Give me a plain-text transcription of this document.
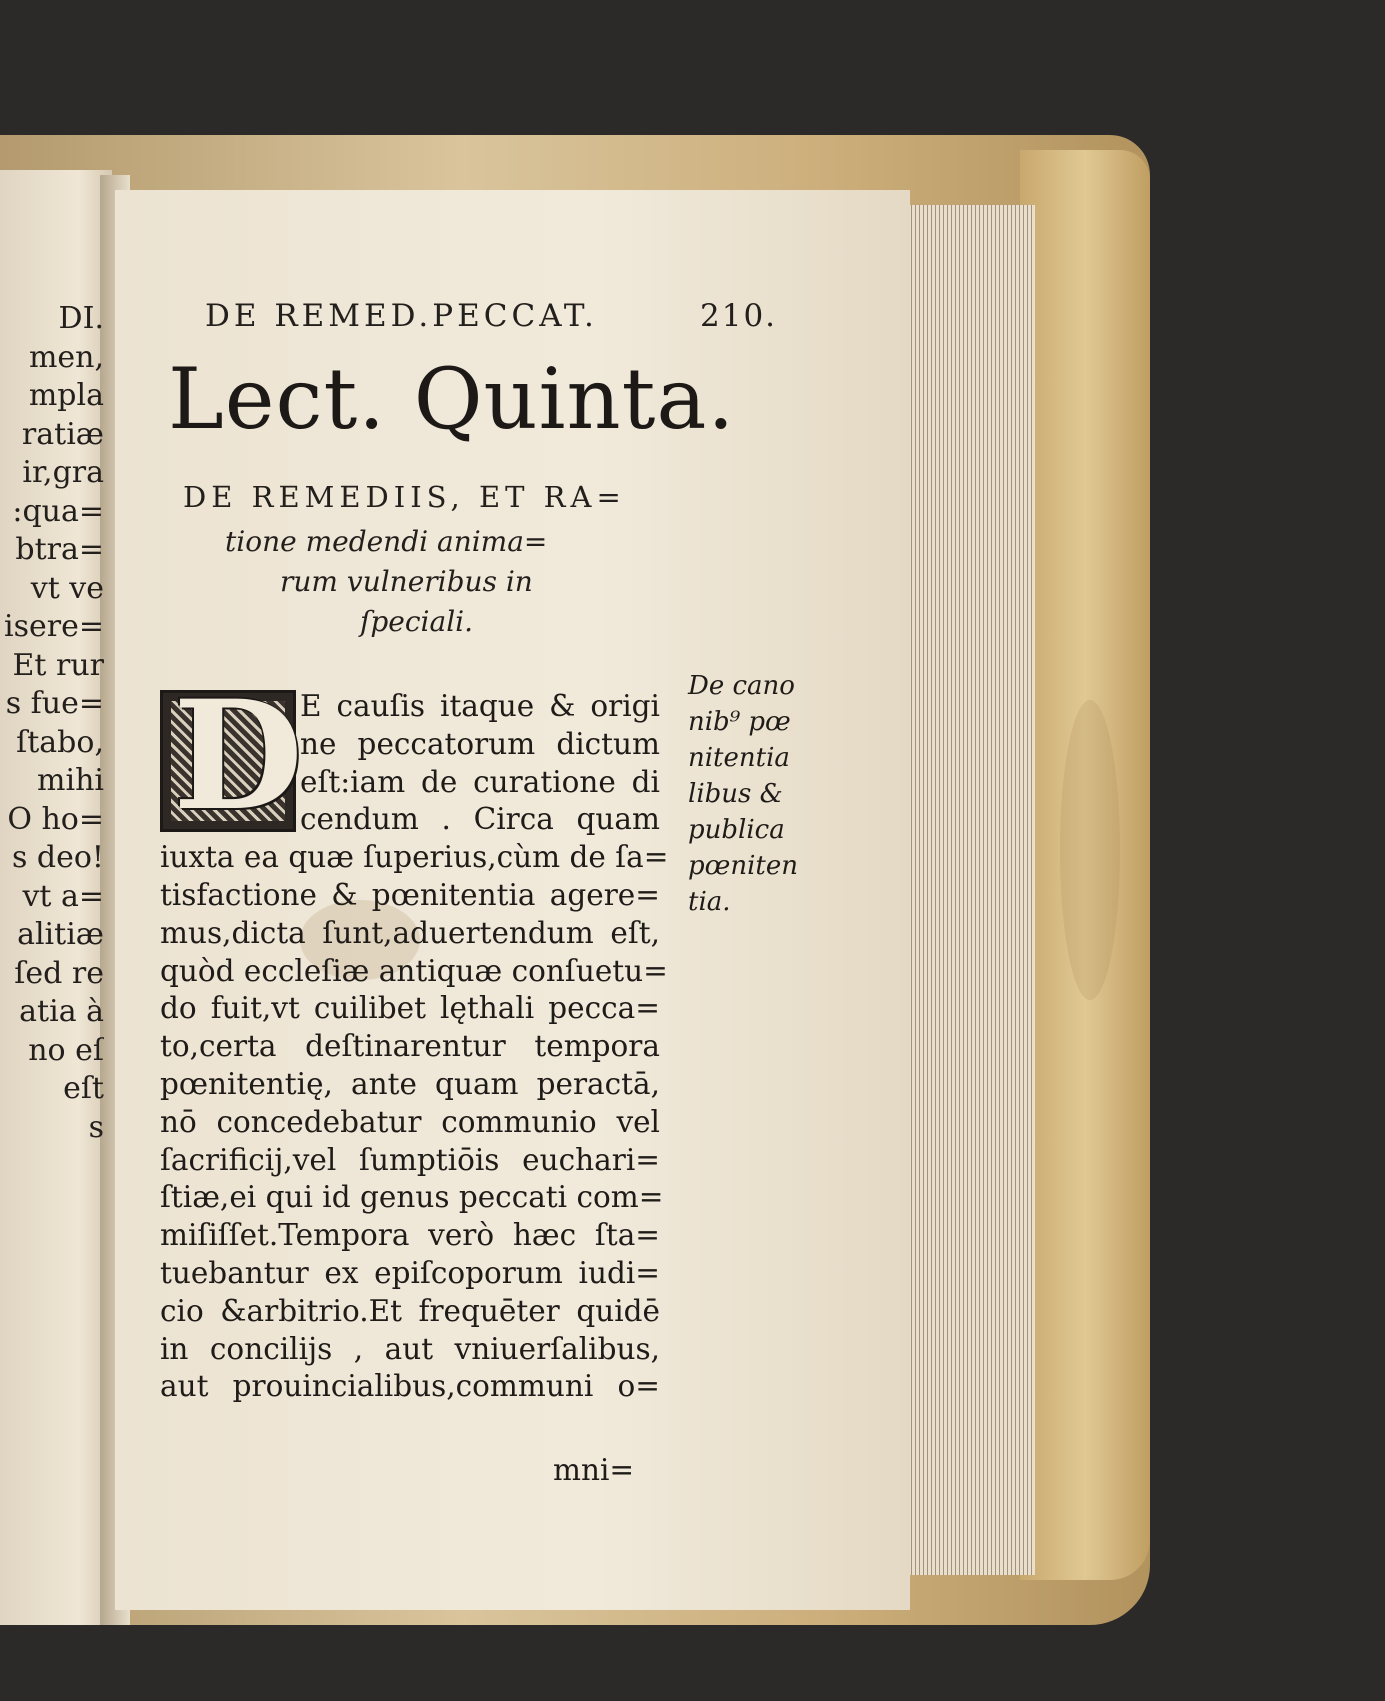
DI.
men,
mpla
ratiæ
ir,gra
:qua=
btra=
vt ve
isere=
Et rur
s fue=
ſtabo,
mihi
O ho=
s deo!
vt a=
alitiæ
ſed re
atia à
no eſ
eſt
s
DE REMED.PECCAT.	210.
Lect. Quinta.
DE REMEDIIS, ET RA=
tione medendi anima=
rum vulneribus in
ſpeciali.
D
E cauſis itaque & origi
ne peccatorum dictum
eſt:iam de curatione di
cendum . Circa quam
iuxta ea quæ ſuperius,cùm de ſa=
tisfactione & pœnitentia agere=
mus,dicta ſunt,aduertendum eſt,
quòd eccleſiæ antiquæ conſuetu=
do fuit,vt cuilibet lęthali pecca=
to,certa deſtinarentur tempora
pœnitentię, ante quam peractā,
nō concedebatur communio vel
ſacrificij,vel ſumptiōis euchari=
ſtiæ,ei qui id genus peccati com=
miſiſſet.Tempora verò hæc ſta=
tuebantur ex epiſcoporum iudi=
cio &arbitrio.Et frequēter quidē
in concilijs , aut vniuerſalibus,
aut prouincialibus,communi o=
mni=
De cano
nib⁹ pœ
nitentia
libus &
publica
pœniten
tia.
